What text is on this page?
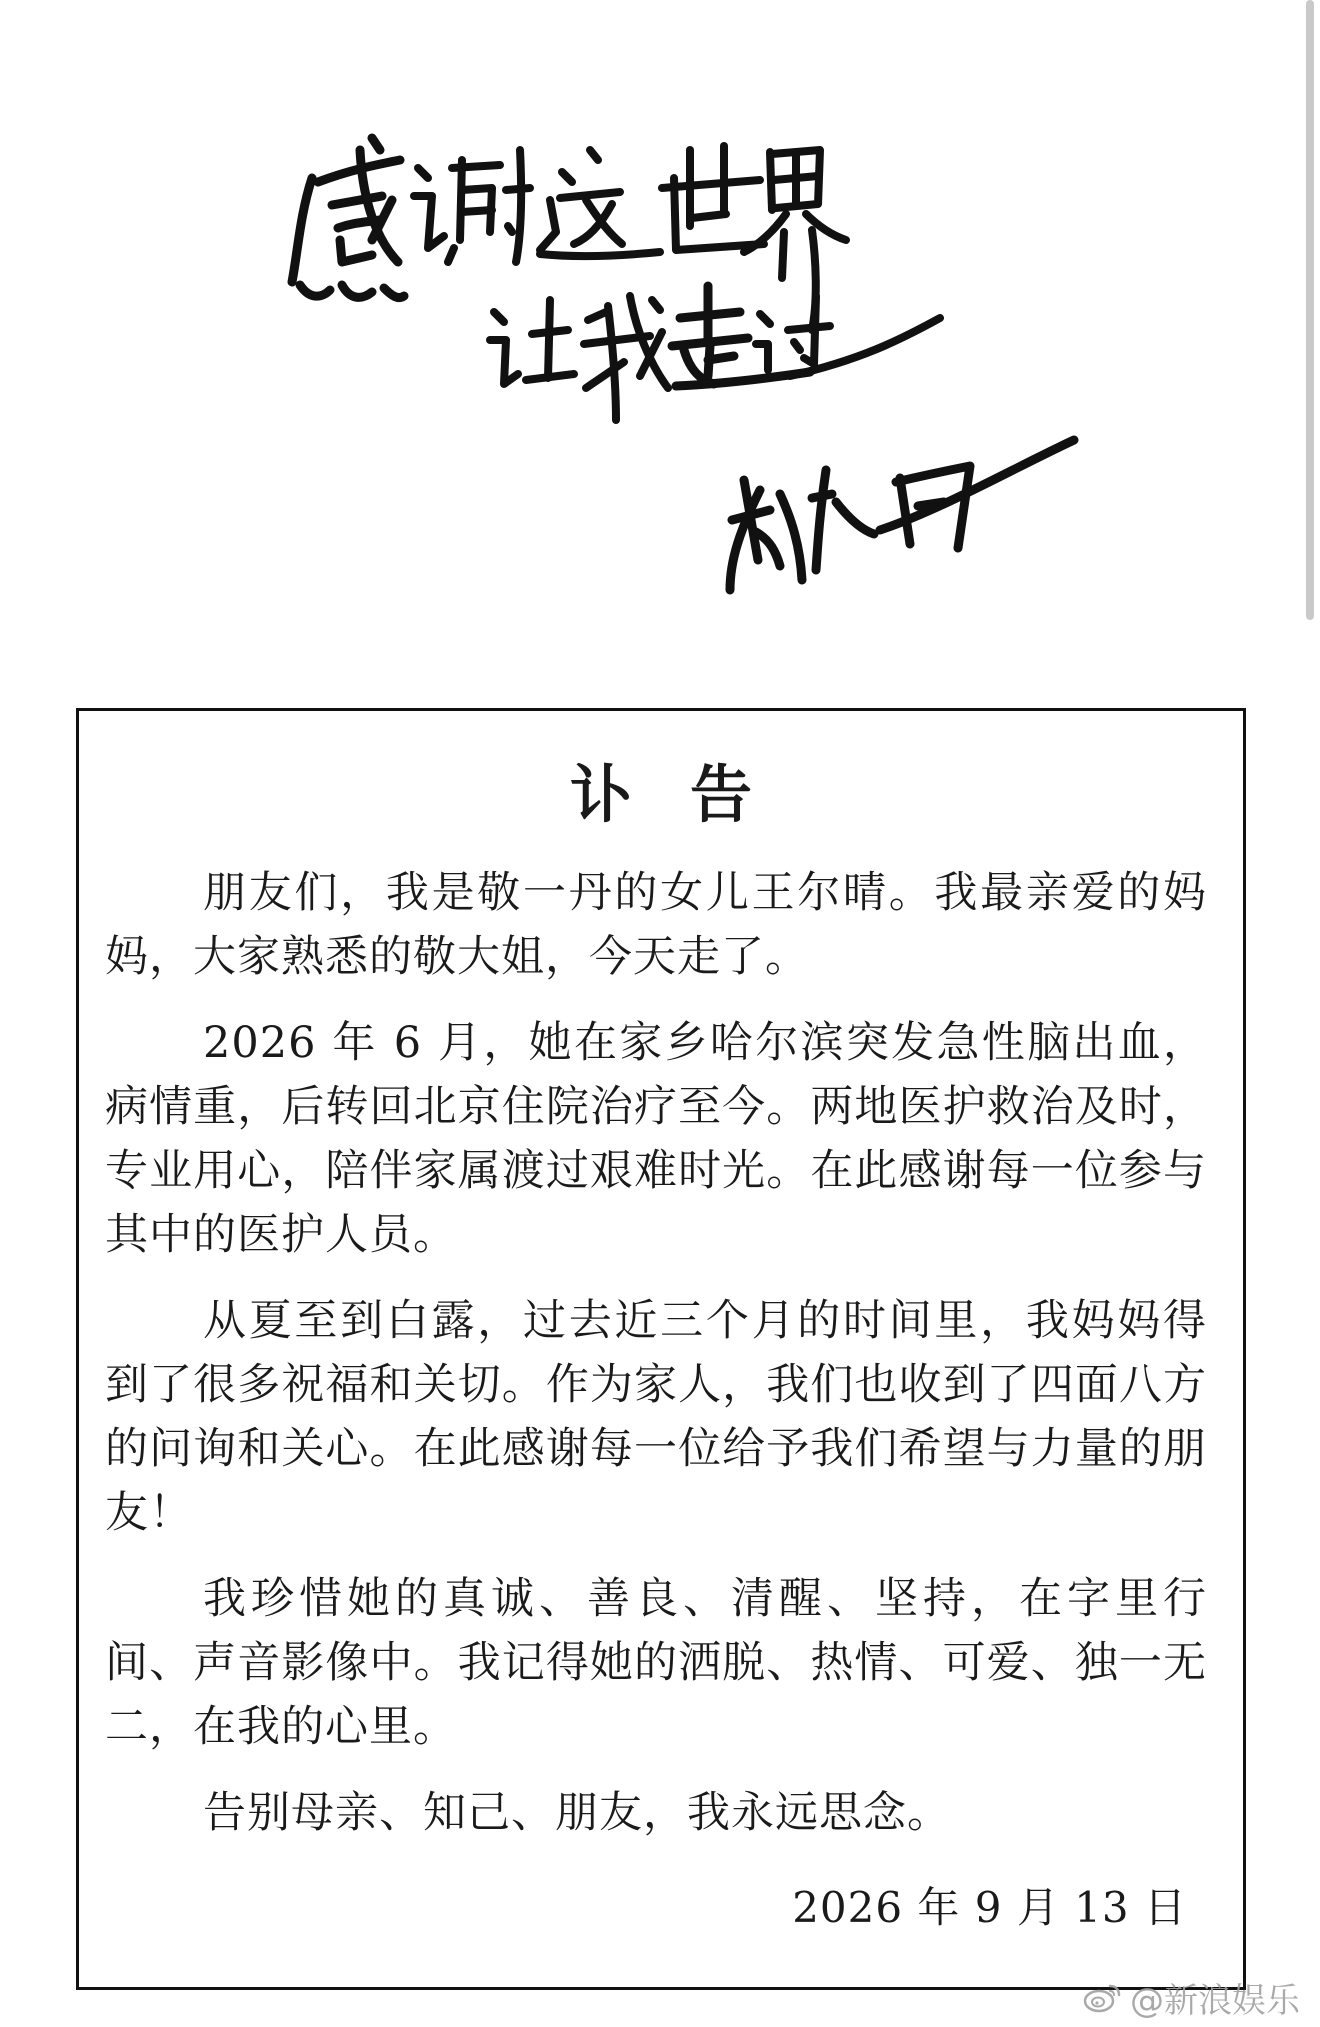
讣告

朋友们，我是敬一丹的女儿王尔晴。我最亲爱的妈妈，大家熟悉的敬大姐，今天走了。

2026 年 6 月，她在家乡哈尔滨突发急性脑出血，病情重，后转回北京住院治疗至今。两地医护救治及时，专业用心，陪伴家属渡过艰难时光。在此感谢每一位参与其中的医护人员。

从夏至到白露，过去近三个月的时间里，我妈妈得到了很多祝福和关切。作为家人，我们也收到了四面八方的问询和关心。在此感谢每一位给予我们希望与力量的朋友！

我珍惜她的真诚、善良、清醒、坚持，在字里行间、声音影像中。我记得她的洒脱、热情、可爱、独一无二，在我的心里。

告别母亲、知己、朋友，我永远思念。

2026 年 9 月 13 日
@新浪娱乐
